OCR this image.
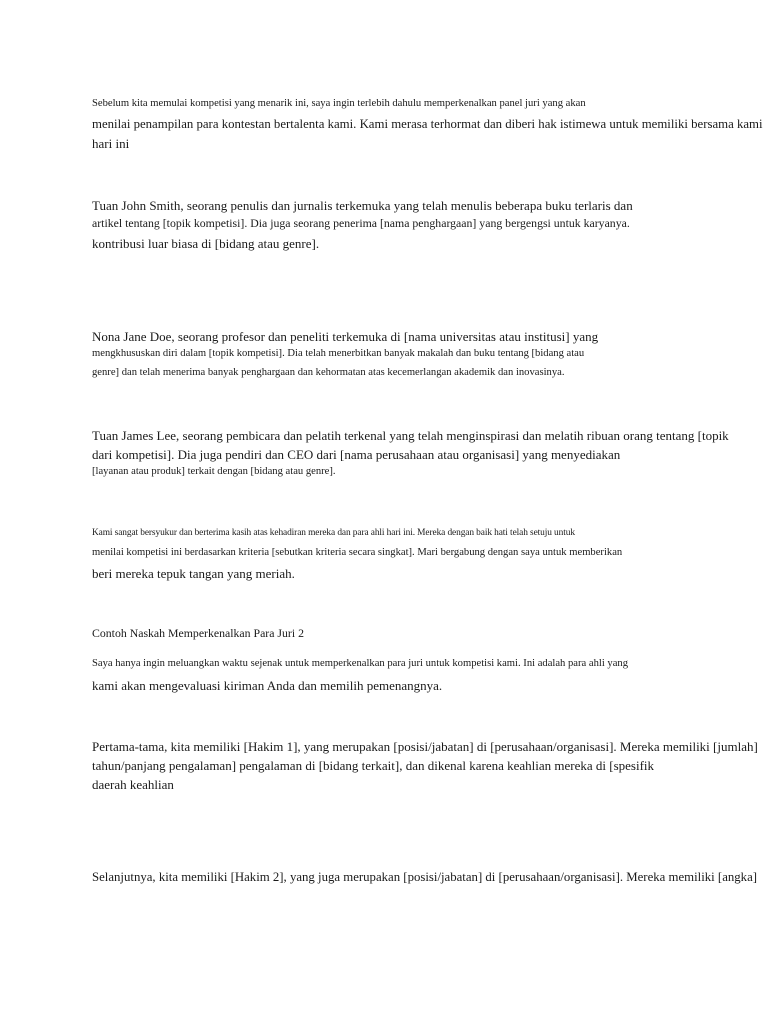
Sebelum kita memulai kompetisi yang menarik ini, saya ingin terlebih dahulu memperkenalkan panel juri yang akan
menilai penampilan para kontestan bertalenta kami. Kami merasa terhormat dan diberi hak istimewa untuk memiliki bersama kami
hari ini
Tuan John Smith, seorang penulis dan jurnalis terkemuka yang telah menulis beberapa buku terlaris dan
artikel tentang [topik kompetisi]. Dia juga seorang penerima [nama penghargaan] yang bergengsi untuk karyanya.
kontribusi luar biasa di [bidang atau genre].
Nona Jane Doe, seorang profesor dan peneliti terkemuka di [nama universitas atau institusi] yang
mengkhususkan diri dalam [topik kompetisi]. Dia telah menerbitkan banyak makalah dan buku tentang [bidang atau
genre] dan telah menerima banyak penghargaan dan kehormatan atas kecemerlangan akademik dan inovasinya.
Tuan James Lee, seorang pembicara dan pelatih terkenal yang telah menginspirasi dan melatih ribuan orang tentang [topik
dari kompetisi]. Dia juga pendiri dan CEO dari [nama perusahaan atau organisasi] yang menyediakan
[layanan atau produk] terkait dengan [bidang atau genre].
Kami sangat bersyukur dan berterima kasih atas kehadiran mereka dan para ahli hari ini. Mereka dengan baik hati telah setuju untuk
menilai kompetisi ini berdasarkan kriteria [sebutkan kriteria secara singkat]. Mari bergabung dengan saya untuk memberikan
beri mereka tepuk tangan yang meriah.
Contoh Naskah Memperkenalkan Para Juri 2
Saya hanya ingin meluangkan waktu sejenak untuk memperkenalkan para juri untuk kompetisi kami. Ini adalah para ahli yang
kami akan mengevaluasi kiriman Anda dan memilih pemenangnya.
Pertama-tama, kita memiliki [Hakim 1], yang merupakan [posisi/jabatan] di [perusahaan/organisasi]. Mereka memiliki [jumlah]
tahun/panjang pengalaman] pengalaman di [bidang terkait], dan dikenal karena keahlian mereka di [spesifik
daerah keahlian
Selanjutnya, kita memiliki [Hakim 2], yang juga merupakan [posisi/jabatan] di [perusahaan/organisasi]. Mereka memiliki [angka]
